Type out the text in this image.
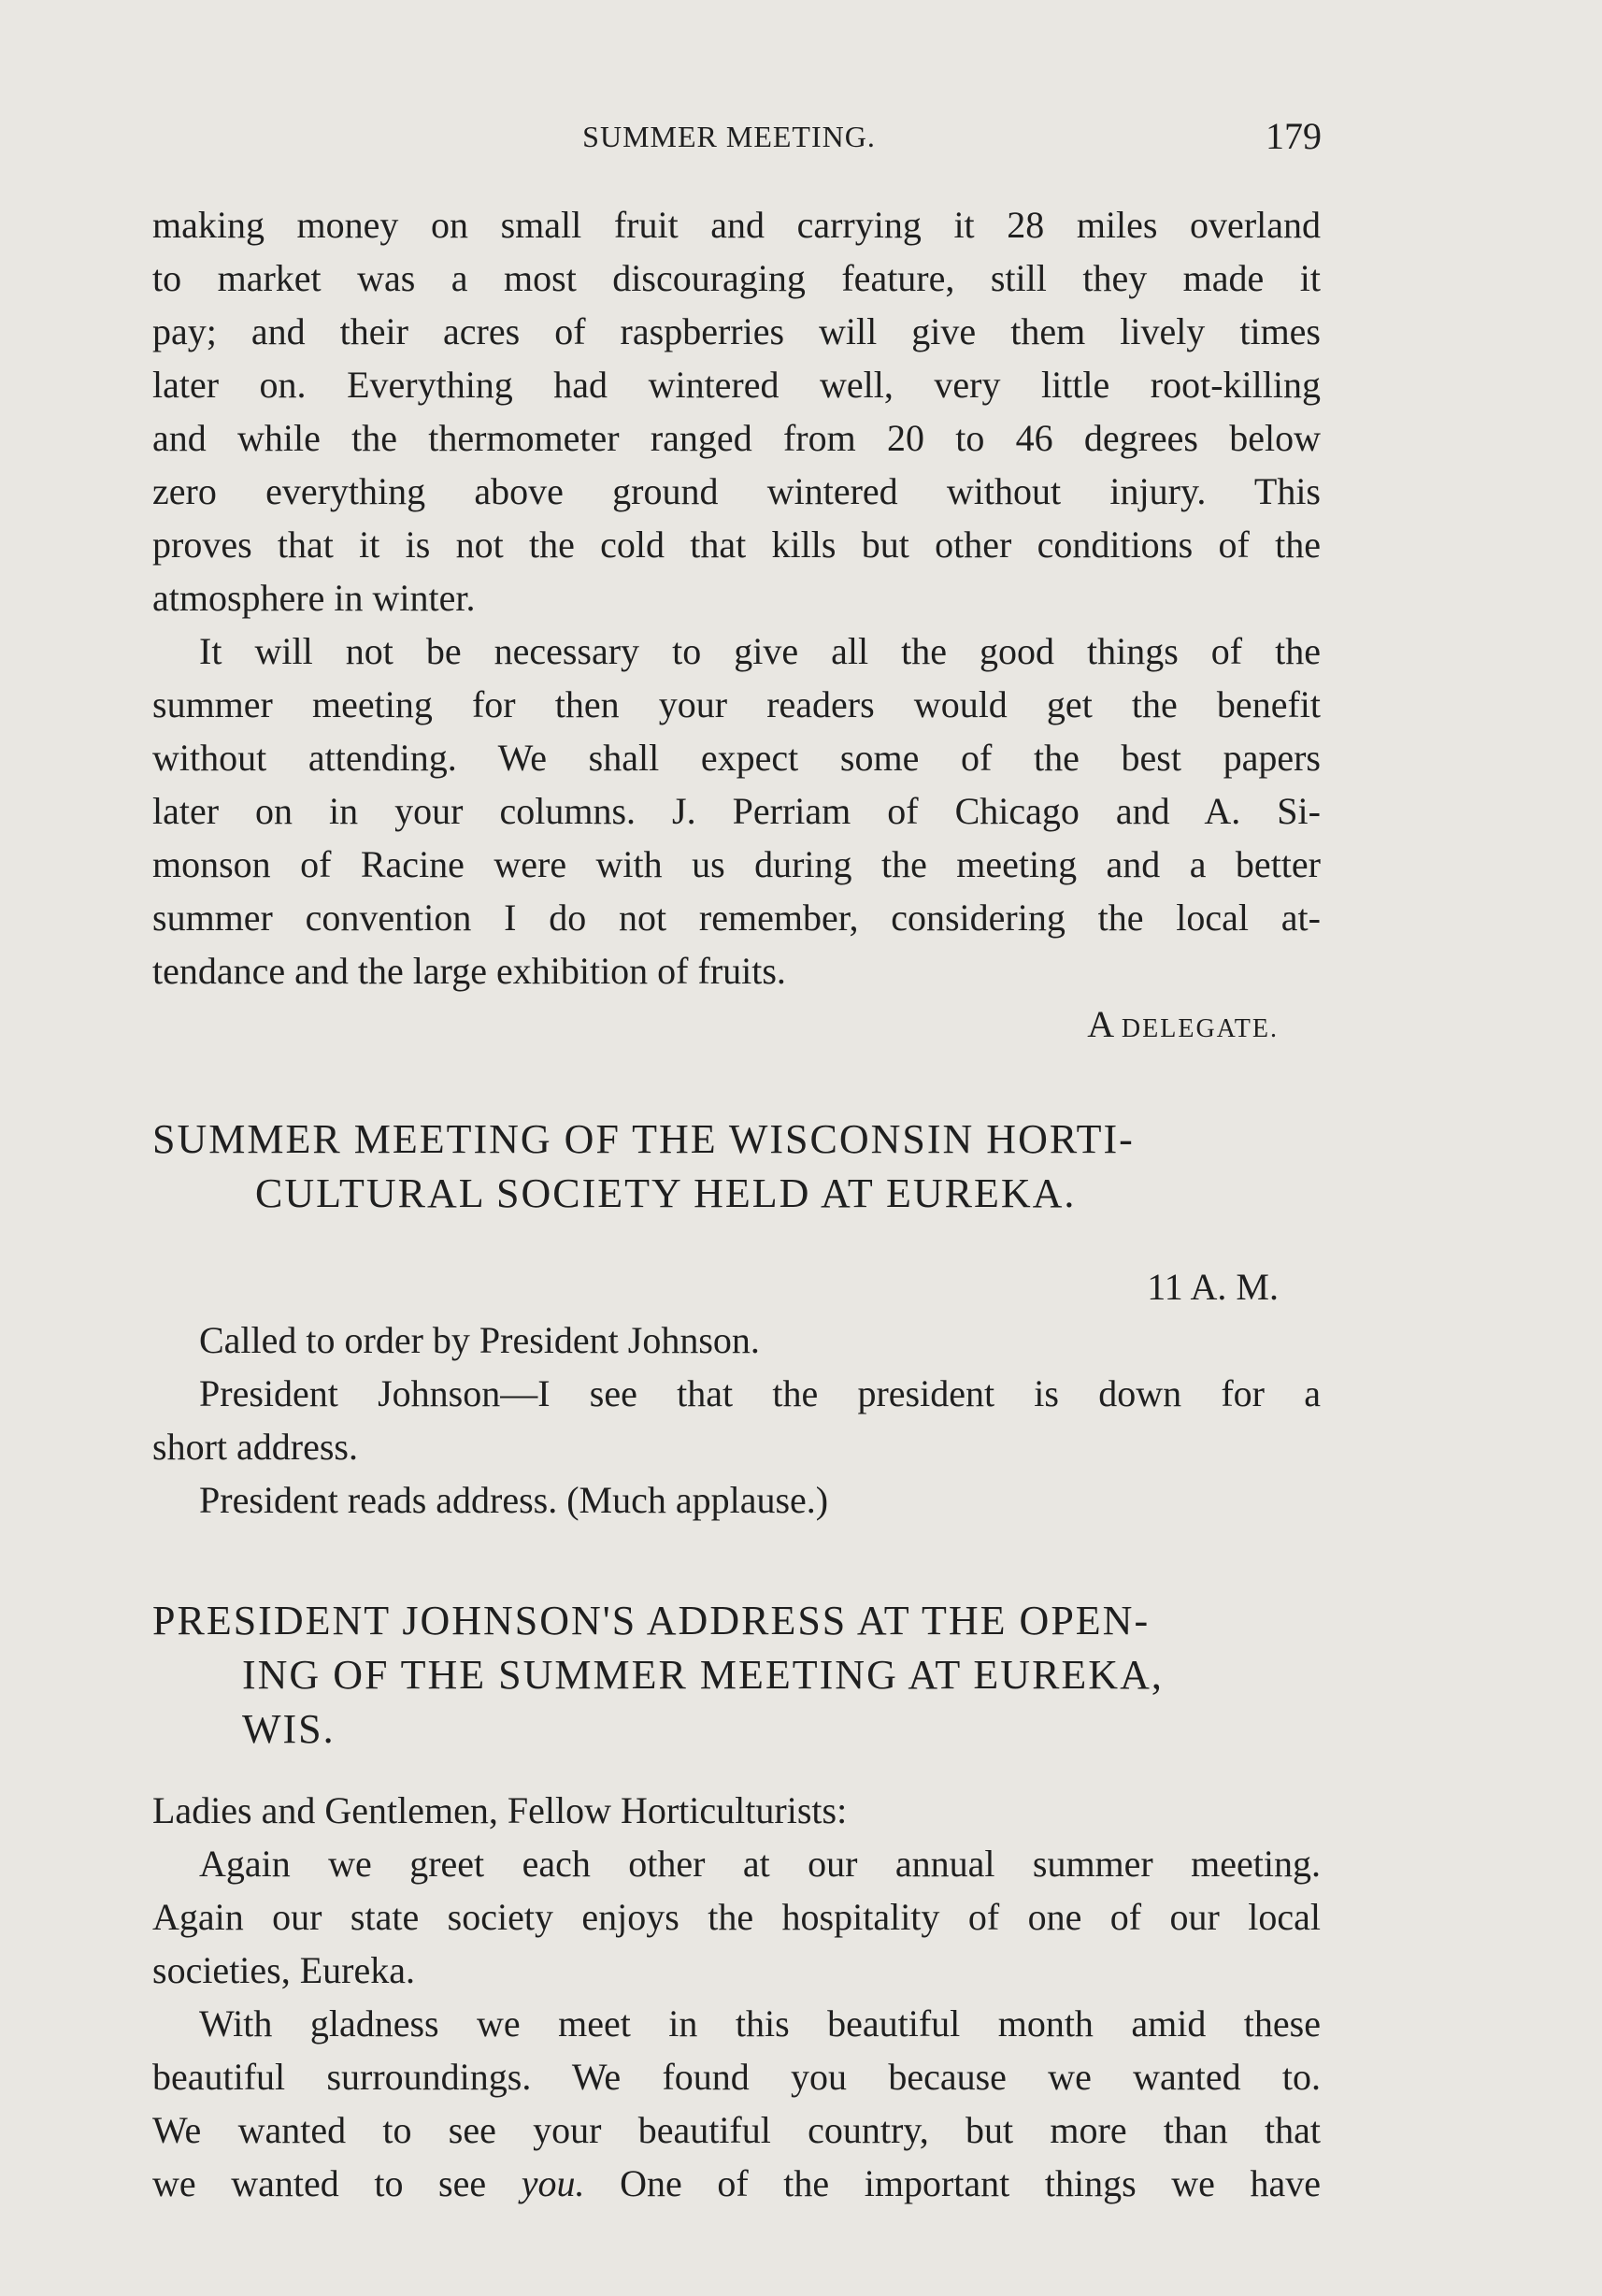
SUMMER MEETING.	179
making money on small fruit and carrying it 28 miles overland
to market was a most discouraging feature, still they made it
pay; and their acres of raspberries will give them lively times
later on. Everything had wintered well, very little root-killing
and while the thermometer ranged from 20 to 46 degrees below
zero everything above ground wintered without injury. This
proves that it is not the cold that kills but other conditions of the
atmosphere in winter.
It will not be necessary to give all the good things of the
summer meeting for then your readers would get the benefit
without attending. We shall expect some of the best papers
later on in your columns. J. Perriam of Chicago and A. Si-
monson of Racine were with us during the meeting and a better
summer convention I do not remember, considering the local at-
tendance and the large exhibition of fruits.
A DELEGATE.
SUMMER MEETING OF THE WISCONSIN HORTI-
CULTURAL SOCIETY HELD AT EUREKA.
11 A. M.
Called to order by President Johnson.
President Johnson—I see that the president is down for a
short address.
President reads address. (Much applause.)
PRESIDENT JOHNSON'S ADDRESS AT THE OPEN-
ING OF THE SUMMER MEETING AT EUREKA,
WIS.
Ladies and Gentlemen, Fellow Horticulturists:
Again we greet each other at our annual summer meeting.
Again our state society enjoys the hospitality of one of our local
societies, Eureka.
With gladness we meet in this beautiful month amid these
beautiful surroundings. We found you because we wanted to.
We wanted to see your beautiful country, but more than that
we wanted to see you. One of the important things we have
